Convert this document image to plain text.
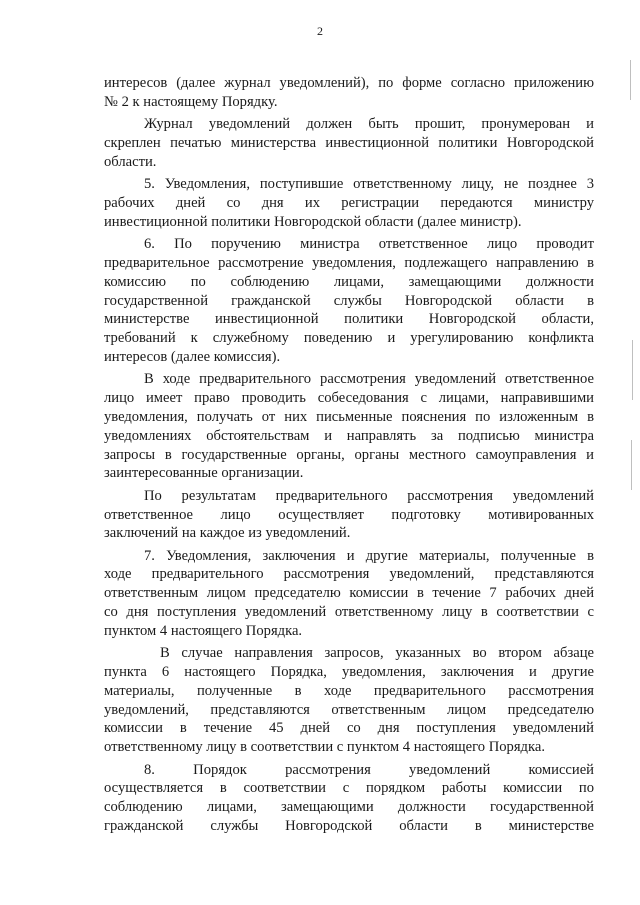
2
интересов (далее журнал уведомлений), по форме согласно приложению
№ 2 к настоящему Порядку.
Журнал уведомлений должен быть прошит, пронумерован и
скреплен печатью министерства инвестиционной политики Новгородской
области.
5. Уведомления, поступившие ответственному лицу, не позднее 3
рабочих дней со дня их регистрации передаются министру
инвестиционной политики Новгородской области (далее министр).
6. По поручению министра ответственное лицо проводит
предварительное рассмотрение уведомления, подлежащего направлению в
комиссию по соблюдению лицами, замещающими должности
государственной гражданской службы Новгородской области в
министерстве инвестиционной политики Новгородской области,
требований к служебному поведению и урегулированию конфликта
интересов (далее комиссия).
В ходе предварительного рассмотрения уведомлений ответственное
лицо имеет право проводить собеседования с лицами, направившими
уведомления, получать от них письменные пояснения по изложенным в
уведомлениях обстоятельствам и направлять за подписью министра
запросы в государственные органы, органы местного самоуправления и
заинтересованные организации.
По результатам предварительного рассмотрения уведомлений
ответственное лицо осуществляет подготовку мотивированных
заключений на каждое из уведомлений.
7. Уведомления, заключения и другие материалы, полученные в
ходе предварительного рассмотрения уведомлений, представляются
ответственным лицом председателю комиссии в течение 7 рабочих дней
со дня поступления уведомлений ответственному лицу в соответствии с
пунктом 4 настоящего Порядка.
В случае направления запросов, указанных во втором абзаце
пункта 6 настоящего Порядка, уведомления, заключения и другие
материалы, полученные в ходе предварительного рассмотрения
уведомлений, представляются ответственным лицом председателю
комиссии в течение 45 дней со дня поступления уведомлений
ответственному лицу в соответствии с пунктом 4 настоящего Порядка.
8. Порядок рассмотрения уведомлений комиссией
осуществляется в соответствии с порядком работы комиссии по
соблюдению лицами, замещающими должности государственной
гражданской службы Новгородской области в министерстве
